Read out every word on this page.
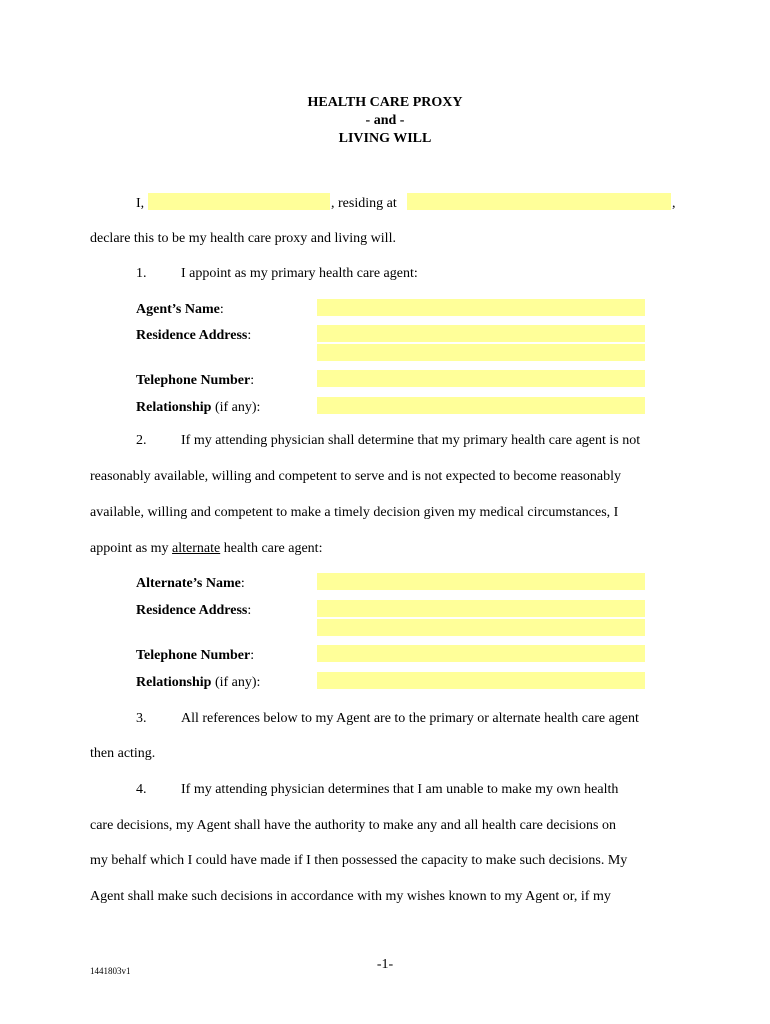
HEALTH CARE PROXY
- and -
LIVING WILL
I,	, residing at	,
declare this to be my health care proxy and living will.
1. I appoint as my primary health care agent:
Agent’s Name:
Residence Address:
Telephone Number:
Relationship (if any):
2. If my attending physician shall determine that my primary health care agent is not
reasonably available, willing and competent to serve and is not expected to become reasonably
available, willing and competent to make a timely decision given my medical circumstances, I
appoint as my alternate health care agent:
Alternate’s Name:
Residence Address:
Telephone Number:
Relationship (if any):
3. All references below to my Agent are to the primary or alternate health care agent
then acting.
4. If my attending physician determines that I am unable to make my own health
care decisions, my Agent shall have the authority to make any and all health care decisions on
my behalf which I could have made if I then possessed the capacity to make such decisions. My
Agent shall make such decisions in accordance with my wishes known to my Agent or, if my
-1-
1441803v1
